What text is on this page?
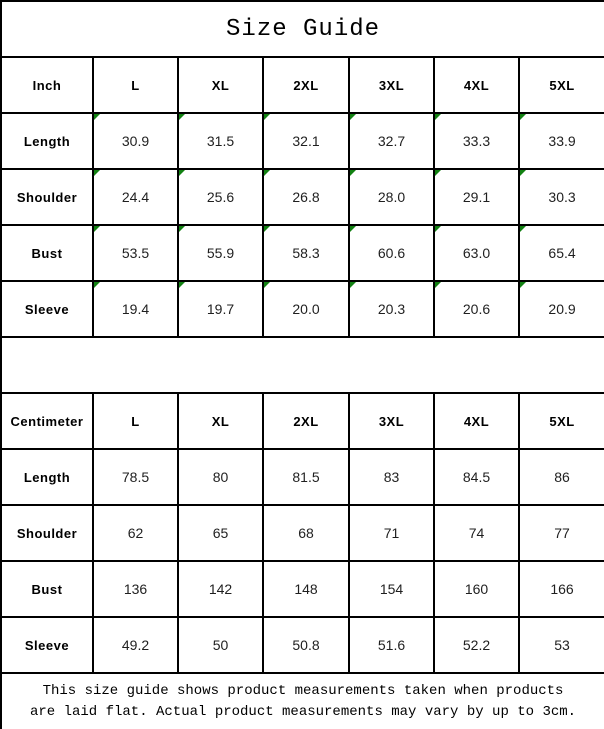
Size Guide						
Inch	L	XL	2XL	3XL	4XL	5XL
Length	30.9	31.5	32.1	32.7	33.3	33.9
Shoulder	24.4	25.6	26.8	28.0	29.1	30.3
Bust	53.5	55.9	58.3	60.6	63.0	65.4
Sleeve	19.4	19.7	20.0	20.3	20.6	20.9

Centimeter	L	XL	2XL	3XL	4XL	5XL
Length	78.5	80	81.5	83	84.5	86
Shoulder	62	65	68	71	74	77
Bust	136	142	148	154	160	166
Sleeve	49.2	50	50.8	51.6	52.2	53

This size guide shows product measurements taken when products
are laid flat. Actual product measurements may vary by up to 3cm.						
